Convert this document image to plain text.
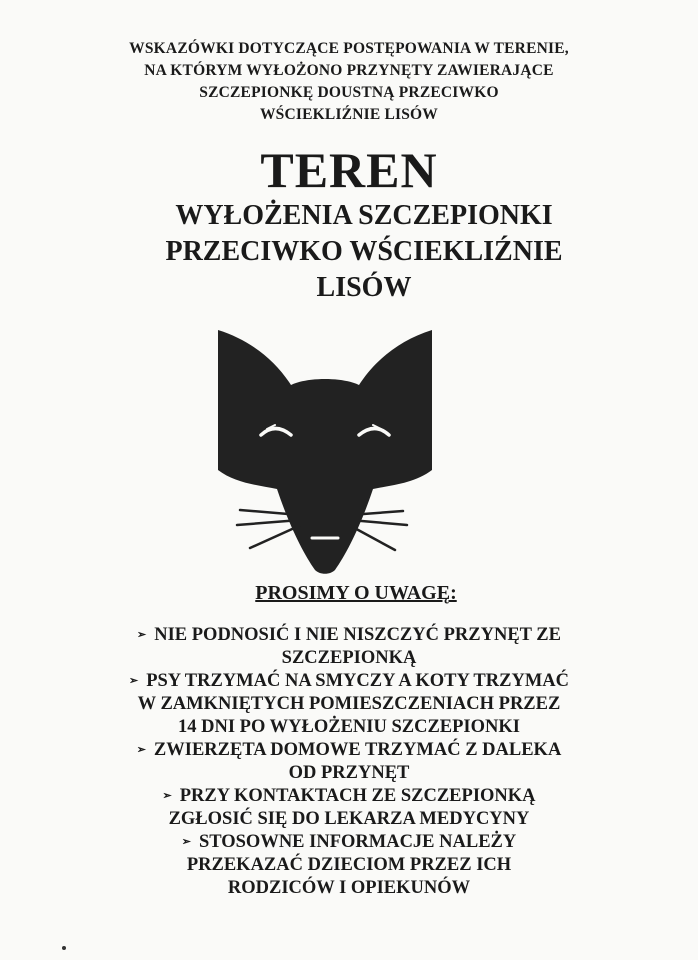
WSKAZÓWKI DOTYCZĄCE POSTĘPOWANIA W TERENIE,
NA KTÓRYM WYŁOŻONO PRZYNĘTY ZAWIERAJĄCE
SZCZEPIONKĘ DOUSTNĄ PRZECIWKO
WŚCIEKLIŹNIE LISÓW
TEREN
WYŁOŻENIA SZCZEPIONKI
PRZECIWKO WŚCIEKLIŹNIE
LISÓW
PROSIMY O UWAGĘ:
➢ NIE PODNOSIĆ I NIE NISZCZYĆ PRZYNĘT ZE
SZCZEPIONKĄ
➢ PSY TRZYMAĆ NA SMYCZY A KOTY TRZYMAĆ
W ZAMKNIĘTYCH POMIESZCZENIACH PRZEZ
14 DNI PO WYŁOŻENIU SZCZEPIONKI
➢ ZWIERZĘTA DOMOWE TRZYMAĆ Z DALEKA
OD PRZYNĘT
➢ PRZY KONTAKTACH ZE SZCZEPIONKĄ
ZGŁOSIĆ SIĘ DO LEKARZA MEDYCYNY
➢ STOSOWNE INFORMACJE NALEŻY
PRZEKAZAĆ DZIECIOM PRZEZ ICH
RODZICÓW I OPIEKUNÓW
